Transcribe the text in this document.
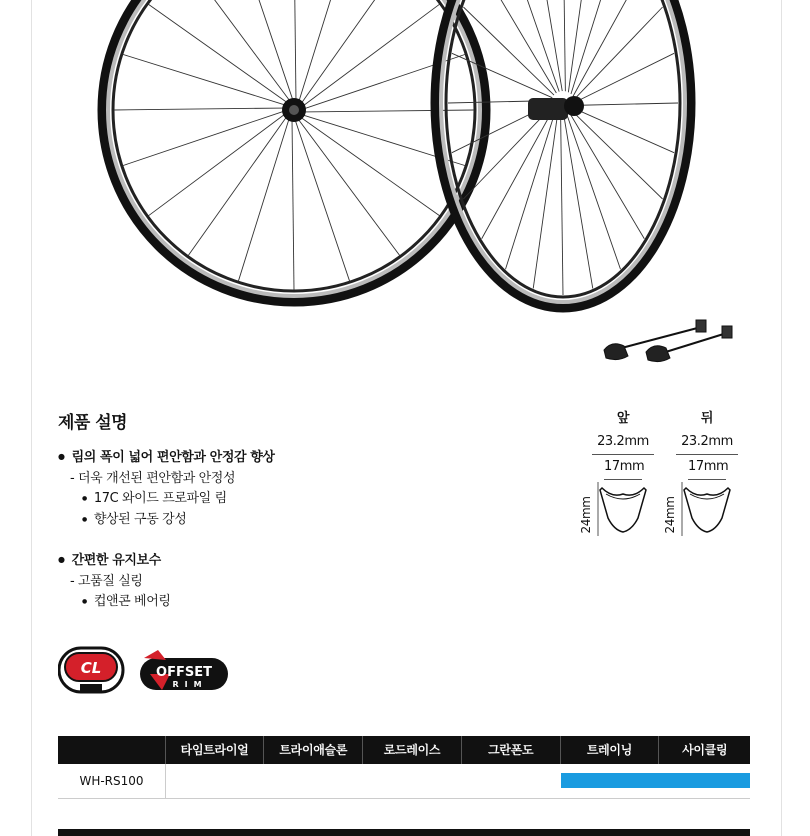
제품 설명
● 림의 폭이 넓어 편안함과 안정감 향상
- 더욱 개선된 편안함과 안정성
● 17C 와이드 프로파일 림
● 향상된 구동 강성
● 간편한 유지보수
- 고품질 실링
● 컵앤콘 베어링
앞
23.2mm
17mm
24mm
뒤
23.2mm
17mm
24mm
CL	OFFSET
RIM
타임트라이얼	트라이애슬론	로드레이스	그란폰도	트레이닝	사이클링
WH-RS100
